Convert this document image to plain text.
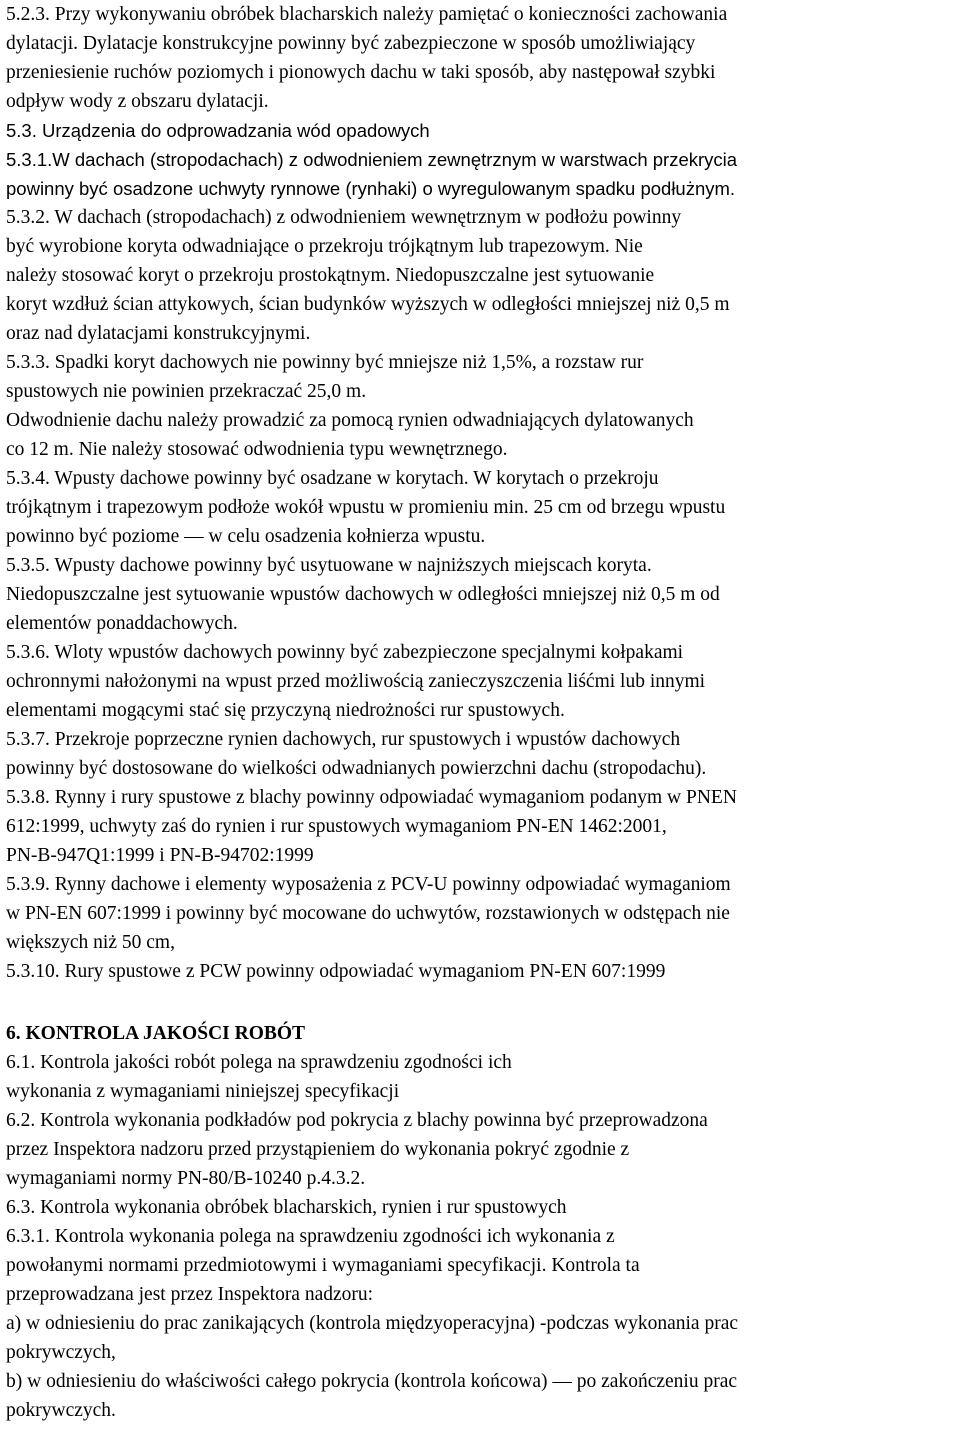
5.2.3. Przy wykonywaniu obróbek blacharskich należy pamiętać o konieczności zachowania
dylatacji. Dylatacje konstrukcyjne powinny być zabezpieczone w sposób umożliwiający
przeniesienie ruchów poziomych i pionowych dachu w taki sposób, aby następował szybki
odpływ wody z obszaru dylatacji.
5.3. Urządzenia do odprowadzania wód opadowych
5.3.1.W dachach (stropodachach) z odwodnieniem zewnętrznym w warstwach przekrycia
powinny być osadzone uchwyty rynnowe (rynhaki) o wyregulowanym spadku podłużnym.
5.3.2. W dachach (stropodachach) z odwodnieniem wewnętrznym w podłożu powinny
być wyrobione koryta odwadniające o przekroju trójkątnym lub trapezowym. Nie
należy stosować koryt o przekroju prostokątnym. Niedopuszczalne jest sytuowanie
koryt wzdłuż ścian attykowych, ścian budynków wyższych w odległości mniejszej niż 0,5 m
oraz nad dylatacjami konstrukcyjnymi.
5.3.3. Spadki koryt dachowych nie powinny być mniejsze niż 1,5%, a rozstaw rur
spustowych nie powinien przekraczać 25,0 m.
Odwodnienie dachu należy prowadzić za pomocą rynien odwadniających dylatowanych
co 12 m. Nie należy stosować odwodnienia typu wewnętrznego.
5.3.4. Wpusty dachowe powinny być osadzane w korytach. W korytach o przekroju
trójkątnym i trapezowym podłoże wokół wpustu w promieniu min. 25 cm od brzegu wpustu
powinno być poziome — w celu osadzenia kołnierza wpustu.
5.3.5. Wpusty dachowe powinny być usytuowane w najniższych miejscach koryta.
Niedopuszczalne jest sytuowanie wpustów dachowych w odległości mniejszej niż 0,5 m od
elementów ponaddachowych.
5.3.6. Wloty wpustów dachowych powinny być zabezpieczone specjalnymi kołpakami
ochronnymi nałożonymi na wpust przed możliwością zanieczyszczenia liśćmi lub innymi
elementami mogącymi stać się przyczyną niedrożności rur spustowych.
5.3.7. Przekroje poprzeczne rynien dachowych, rur spustowych i wpustów dachowych
powinny być dostosowane do wielkości odwadnianych powierzchni dachu (stropodachu).
5.3.8. Rynny i rury spustowe z blachy powinny odpowiadać wymaganiom podanym w PNEN
612:1999, uchwyty zaś do rynien i rur spustowych wymaganiom PN-EN 1462:2001,
PN-B-947Q1:1999 i PN-B-94702:1999
5.3.9. Rynny dachowe i elementy wyposażenia z PCV-U powinny odpowiadać wymaganiom
w PN-EN 607:1999 i powinny być mocowane do uchwytów, rozstawionych w odstępach nie
większych niż 50 cm,
5.3.10. Rury spustowe z PCW powinny odpowiadać wymaganiom PN-EN 607:1999
6. KONTROLA JAKOŚCI ROBÓT
6.1. Kontrola jakości robót polega na sprawdzeniu zgodności ich
wykonania z wymaganiami niniejszej specyfikacji
6.2. Kontrola wykonania podkładów pod pokrycia z blachy powinna być przeprowadzona
przez Inspektora nadzoru przed przystąpieniem do wykonania pokryć zgodnie z
wymaganiami normy PN-80/B-10240 p.4.3.2.
6.3. Kontrola wykonania obróbek blacharskich, rynien i rur spustowych
6.3.1. Kontrola wykonania polega na sprawdzeniu zgodności ich wykonania z
powołanymi normami przedmiotowymi i wymaganiami specyfikacji. Kontrola ta
przeprowadzana jest przez Inspektora nadzoru:
a) w odniesieniu do prac zanikających (kontrola międzyoperacyjna) -podczas wykonania prac
pokrywczych,
b) w odniesieniu do właściwości całego pokrycia (kontrola końcowa) — po zakończeniu prac
pokrywczych.
